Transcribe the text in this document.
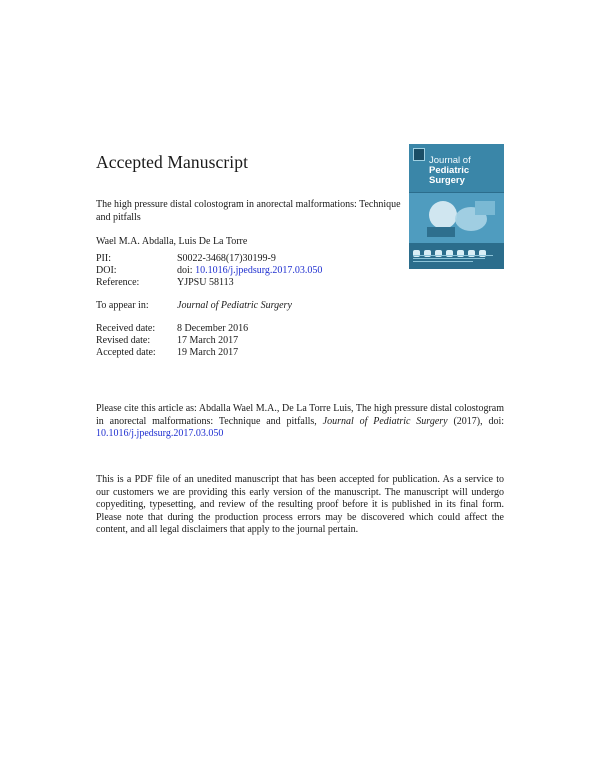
Accepted Manuscript
The high pressure distal colostogram in anorectal malformations: Technique and pitfalls
Wael M.A. Abdalla, Luis De La Torre
PII:	S0022-3468(17)30199-9
DOI:	doi: 10.1016/j.jpedsurg.2017.03.050
Reference:	YJPSU 58113
To appear in:	Journal of Pediatric Surgery
Received date: 8 December 2016
Revised date:	17 March 2017
Accepted date: 19 March 2017
Please cite this article as: Abdalla Wael M.A., De La Torre Luis, The high pressure distal colostogram in anorectal malformations: Technique and pitfalls, Journal of Pediatric Surgery (2017), doi: 10.1016/j.jpedsurg.2017.03.050
This is a PDF file of an unedited manuscript that has been accepted for publication. As a service to our customers we are providing this early version of the manuscript. The manuscript will undergo copyediting, typesetting, and review of the resulting proof before it is published in its final form. Please note that during the production process errors may be discovered which could affect the content, and all legal disclaimers that apply to the journal pertain.
Journal of
Pediatric Surgery
